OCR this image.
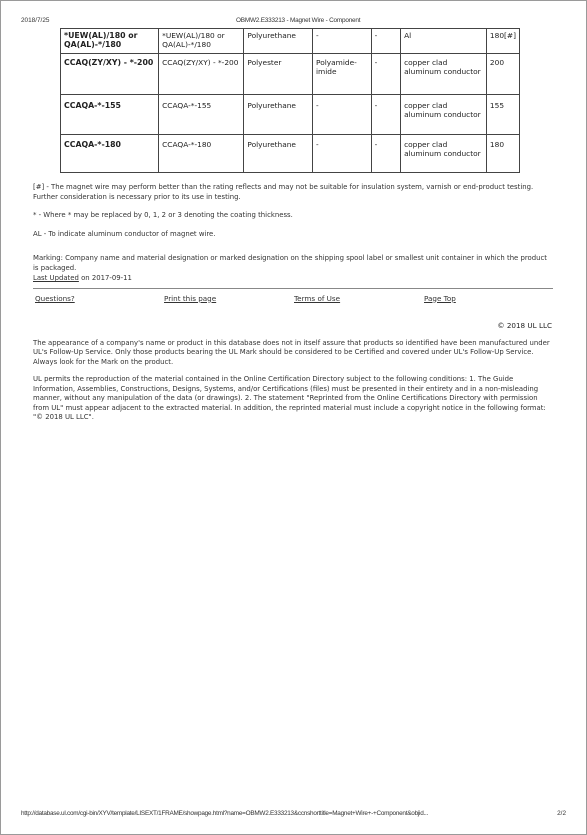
2018/7/25	OBMW2.E333213 - Magnet Wire - Component
*UEW(AL)/180 or QA(AL)-*/180	*UEW(AL)/180 or QA(AL)-*/180	Polyurethane	-	-	Al	180[#]
CCAQ(ZY/XY) - *-200	CCAQ(ZY/XY) - *-200	Polyester	Polyamide-imide	-	copper clad aluminum conductor	200
CCAQA-*-155	CCAQA-*-155	Polyurethane	-	-	copper clad aluminum conductor	155
CCAQA-*-180	CCAQA-*-180	Polyurethane	-	-	copper clad aluminum conductor	180

[#] - The magnet wire may perform better than the rating reflects and may not be suitable for insulation system, varnish or end-product testing. Further consideration is necessary prior to its use in testing.

* - Where * may be replaced by 0, 1, 2 or 3 denoting the coating thickness.

AL - To indicate aluminum conductor of magnet wire.

Marking: Company name and material designation or marked designation on the shipping spool label or smallest unit container in which the product is packaged.

Last Updated on 2017-09-11

Questions?	Print this page	Terms of Use	Page Top
© 2018 UL LLC

The appearance of a company's name or product in this database does not in itself assure that products so identified have been manufactured under UL's Follow-Up Service. Only those products bearing the UL Mark should be considered to be Certified and covered under UL's Follow-Up Service. Always look for the Mark on the product.

UL permits the reproduction of the material contained in the Online Certification Directory subject to the following conditions: 1. The Guide Information, Assemblies, Constructions, Designs, Systems, and/or Certifications (files) must be presented in their entirety and in a non-misleading manner, without any manipulation of the data (or drawings). 2. The statement "Reprinted from the Online Certifications Directory with permission from UL" must appear adjacent to the extracted material. In addition, the reprinted material must include a copyright notice in the following format: "© 2018 UL LLC".

http://database.ul.com/cgi-bin/XYV/template/LISEXT/1FRAME/showpage.html?name=OBMW2.E333213&ccnshorttitle=Magnet+Wire+-+Component&objid...	2/2
